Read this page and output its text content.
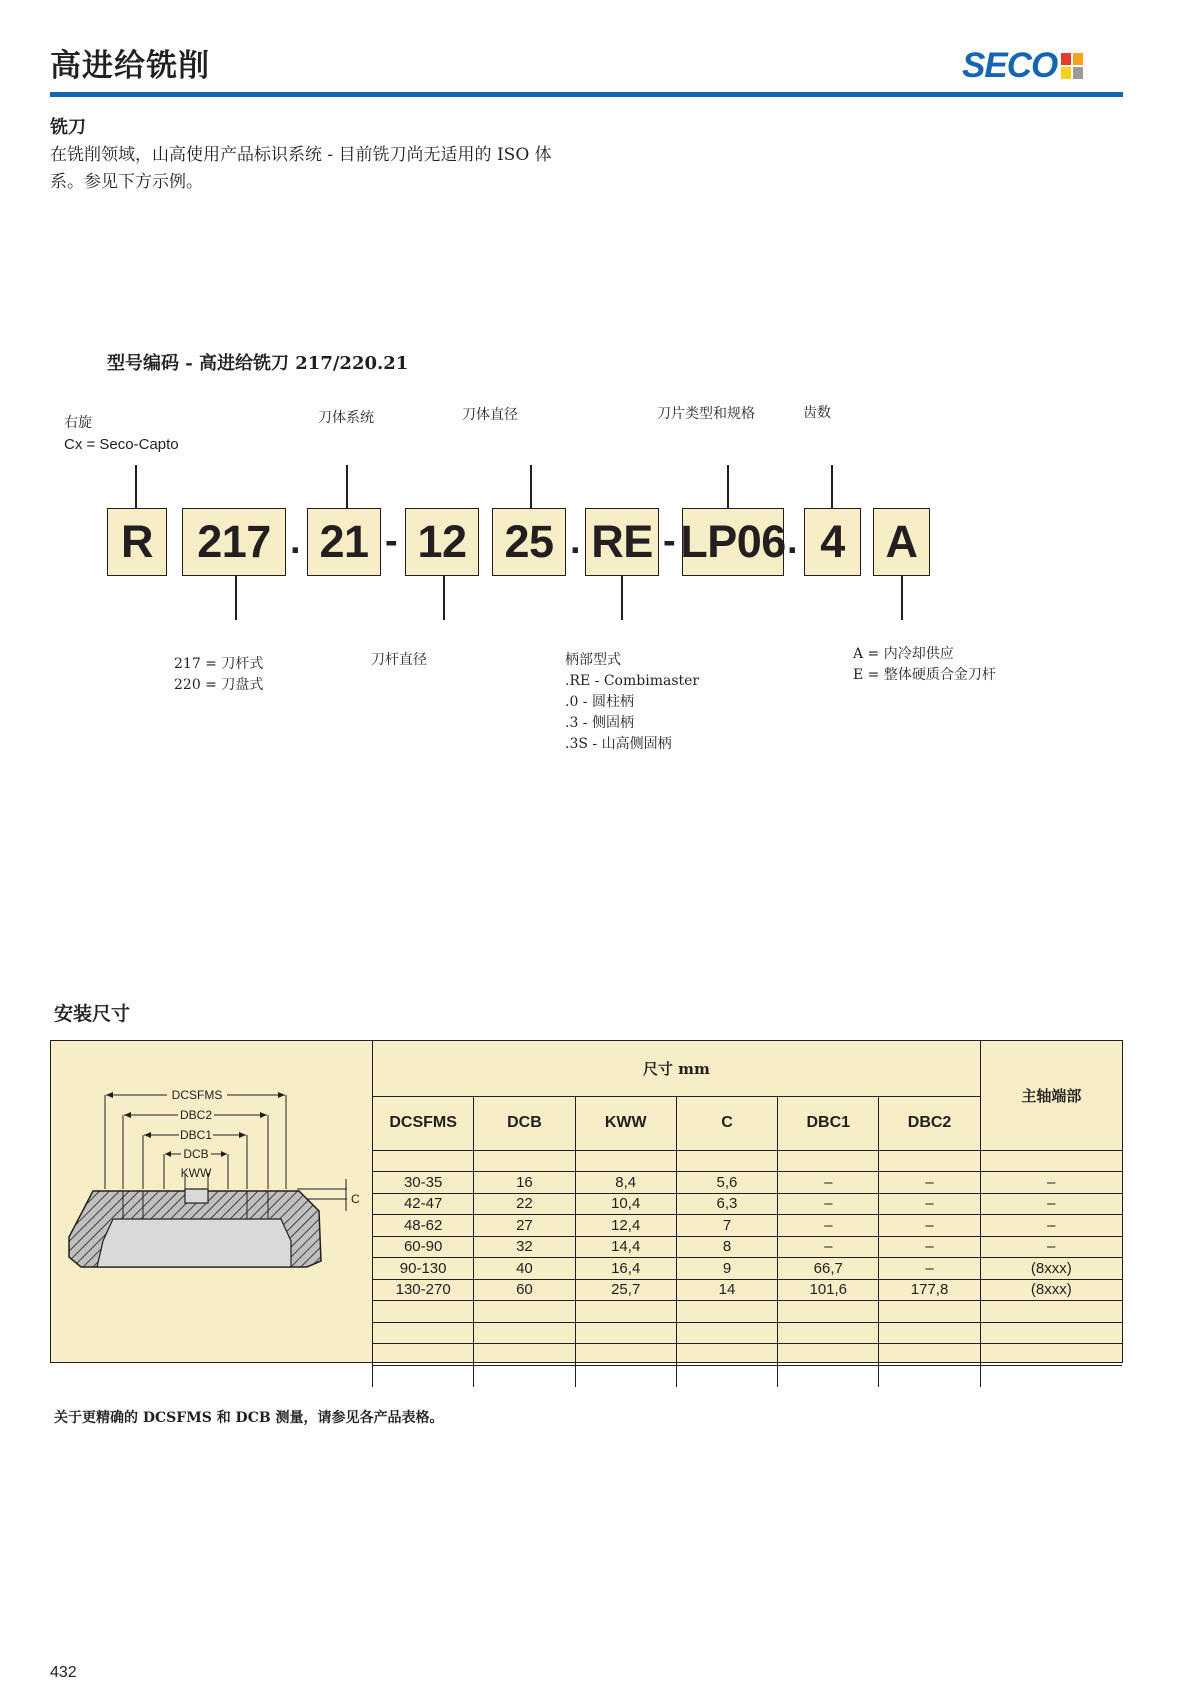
高进给铣削	SECO
铣刀
在铣削领域，山高使用产品标识系统 - 目前铣刀尚无适用的 ISO 体
系。参见下方示例。
型号编码 - 高进给铣刀 217/220.21
右旋
Cx = Seco-Capto
刀体系统	刀体直径	刀片类型和规格	齿数
R 217 . 21 - 12 25 . RE - LP06 . 4 A
217 = 刀杆式
220 = 刀盘式
刀杆直径	柄部型式
.RE - Combimaster
.0 - 圆柱柄
.3 - 侧固柄
.3S - 山高侧固柄
A = 内冷却供应
E = 整体硬质合金刀杆
安装尺寸
DCSFMS
DBC2
DBC1
DCB
KWW
C
尺寸 mm						主轴端部
DCSFMS	DCB	KWW	C	DBC1	DBC2	

30-35	16	8,4	5,6	–	–	–
42-47	22	10,4	6,3	–	–	–
48-62	27	12,4	7	–	–	–
60-90	32	14,4	8	–	–	–
90-130	40	16,4	9	66,7	–	(8xxx)
130-270	60	25,7	14	101,6	177,8	(8xxx)

关于更精确的 DCSFMS 和 DCB 测量，请参见各产品表格。
432
